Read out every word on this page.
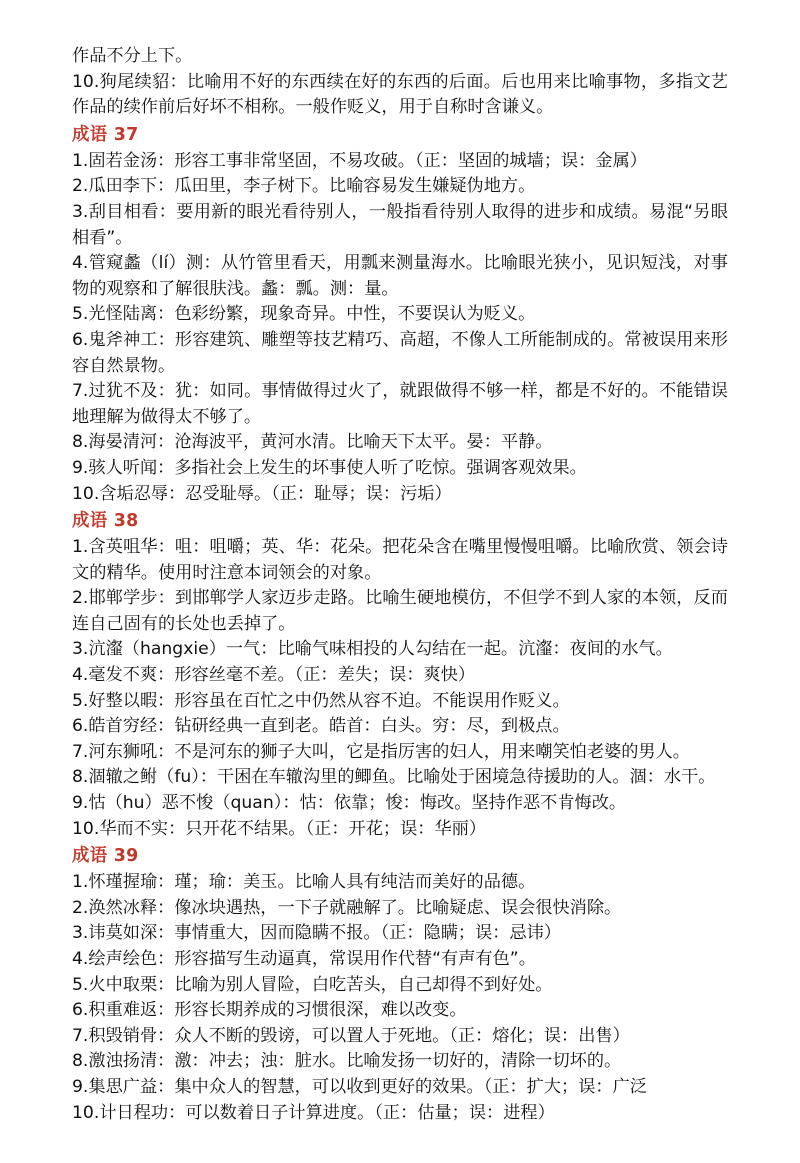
作品不分上下。

10.狗尾续貂：比喻用不好的东西续在好的东西的后面。后也用来比喻事物，多指文艺作品的续作前后好坏不相称。一般作贬义，用于自称时含谦义。

成语 37

1.固若金汤：形容工事非常坚固，不易攻破。（正：坚固的城墙；误：金属）

2.瓜田李下：瓜田里，李子树下。比喻容易发生嫌疑伪地方。

3.刮目相看：要用新的眼光看待别人，一般指看待别人取得的进步和成绩。易混“另眼相看”。

4.管窥蠡（lí）测：从竹管里看天，用瓢来测量海水。比喻眼光狭小，见识短浅，对事物的观察和了解很肤浅。蠡：瓢。测：量。

5.光怪陆离：色彩纷繁，现象奇异。中性，不要误认为贬义。

6.鬼斧神工：形容建筑、雕塑等技艺精巧、高超，不像人工所能制成的。常被误用来形容自然景物。

7.过犹不及：犹：如同。事情做得过火了，就跟做得不够一样，都是不好的。不能错误地理解为做得太不够了。

8.海晏清河：沧海波平，黄河水清。比喻天下太平。晏：平静。

9.骇人听闻：多指社会上发生的坏事使人听了吃惊。强调客观效果。

10.含垢忍辱：忍受耻辱。（正：耻辱；误：污垢）

成语 38

1.含英咀华：咀：咀嚼；英、华：花朵。把花朵含在嘴里慢慢咀嚼。比喻欣赏、领会诗文的精华。使用时注意本词领会的对象。

2.邯郸学步：到邯郸学人家迈步走路。比喻生硬地模仿，不但学不到人家的本领，反而连自己固有的长处也丢掉了。

3.沆瀣（hangxie）一气：比喻气味相投的人勾结在一起。沆瀣：夜间的水气。

4.毫发不爽：形容丝毫不差。（正：差失；误：爽快）

5.好整以暇：形容虽在百忙之中仍然从容不迫。不能误用作贬义。

6.皓首穷经：钻研经典一直到老。皓首：白头。穷：尽，到极点。

7.河东狮吼：不是河东的狮子大叫，它是指厉害的妇人，用来嘲笑怕老婆的男人。

8.涸辙之鲋（fu）：干困在车辙沟里的鲫鱼。比喻处于困境急待援助的人。涸：水干。

9.怙（hu）恶不悛（quan）：怙：依靠；悛：悔改。坚持作恶不肯悔改。

10.华而不实：只开花不结果。（正：开花；误：华丽）

成语 39

1.怀瑾握瑜：瑾；瑜：美玉。比喻人具有纯洁而美好的品德。

2.涣然冰释：像冰块遇热，一下子就融解了。比喻疑虑、误会很快消除。

3.讳莫如深：事情重大，因而隐瞒不报。（正：隐瞒；误：忌讳）

4.绘声绘色：形容描写生动逼真，常误用作代替“有声有色”。

5.火中取栗：比喻为别人冒险，白吃苦头，自己却得不到好处。

6.积重难返：形容长期养成的习惯很深，难以改变。

7.积毁销骨：众人不断的毁谤，可以置人于死地。（正：熔化；误：出售）

8.激浊扬清：激：冲去；浊：脏水。比喻发扬一切好的，清除一切坏的。

9.集思广益：集中众人的智慧，可以收到更好的效果。（正：扩大；误：广泛

10.计日程功：可以数着日子计算进度。（正：估量；误：进程）
